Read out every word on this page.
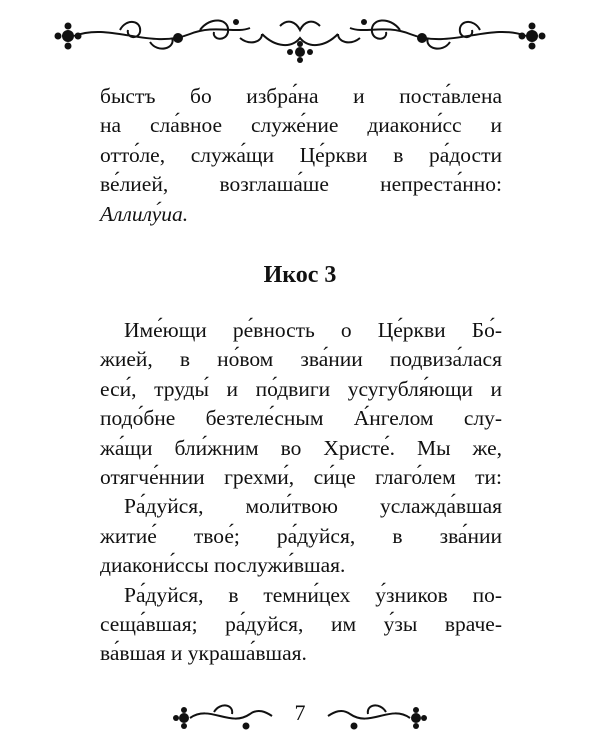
быстъ бо избра́на и поста́влена
на сла́вное служе́ние диакони́сс и
отто́ле, служа́щи Це́ркви в ра́дости
ве́лией, возглаша́ше непреста́нно:
Аллилу́иа.
Икос 3
Име́ющи ре́вность о Це́ркви Бо́-
жией, в но́вом зва́нии подвиза́лася
еси́, труды́ и по́двиги усугубля́ющи и
подо́бне безтеле́сным А́нгелом слу-
жа́щи бли́жним во Христе́. Мы же,
отягче́ннии грехми́, си́це глаго́лем ти:
Ра́дуйся, моли́твою услажда́вшая
житие́ твое́; ра́дуйся, в зва́нии
диакони́ссы послужи́вшая.
Ра́дуйся, в темни́цех у́зников по-
сеща́вшая; ра́дуйся, им у́зы враче-
ва́вшая и украша́вшая.
7
